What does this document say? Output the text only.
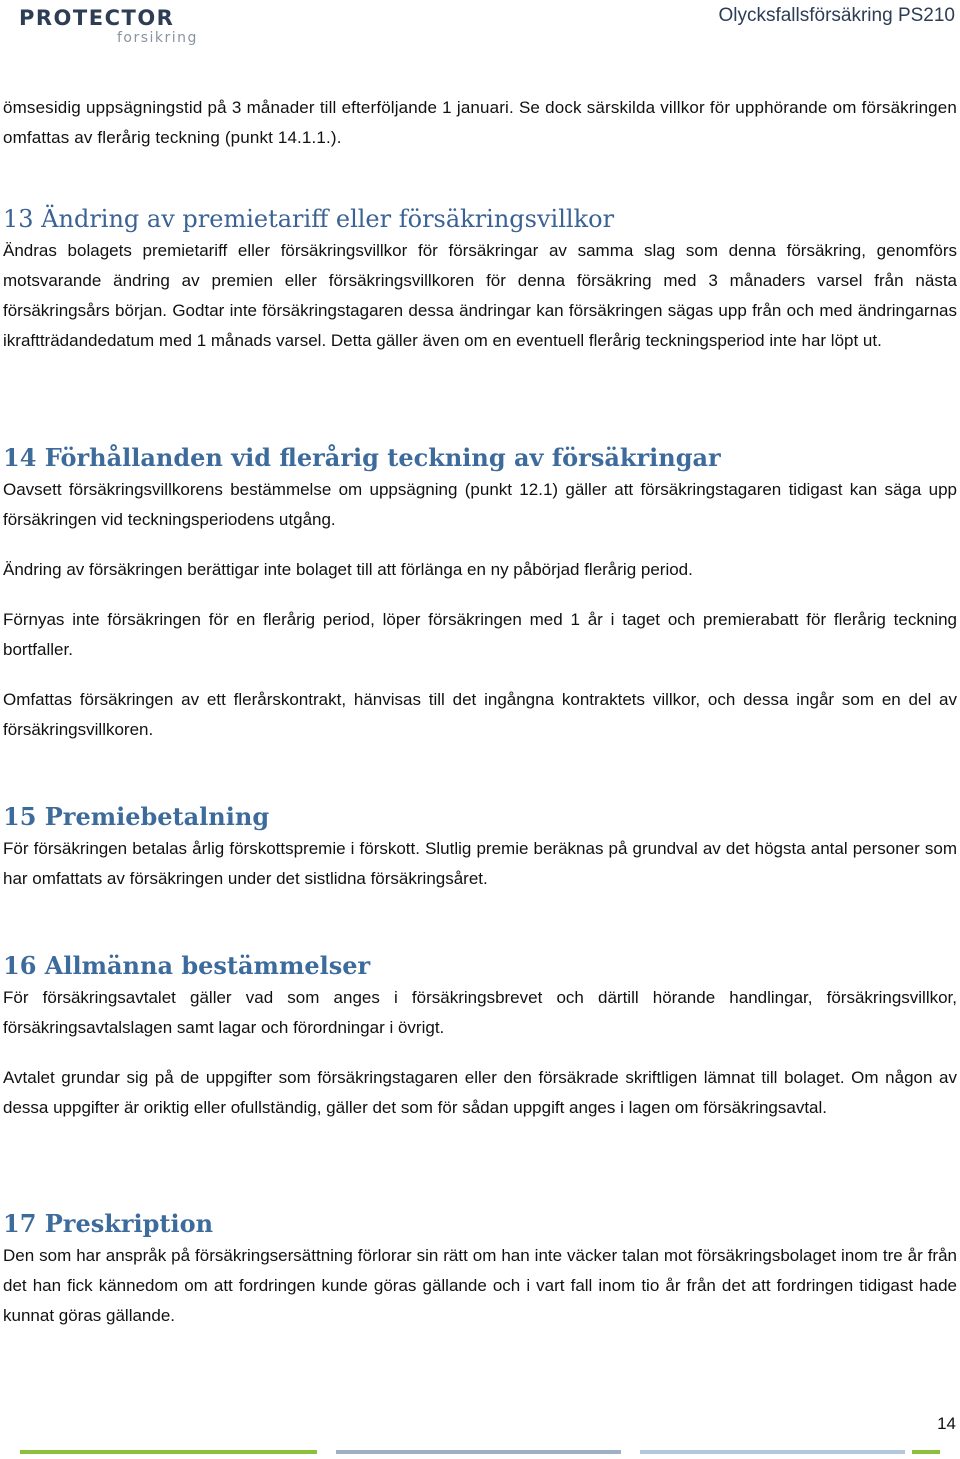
PROTECTOR
forsikring
Olycksfallsförsäkring PS210

ömsesidig uppsägningstid på 3 månader till efterföljande 1 januari. Se dock särskilda villkor för upphörande om försäkringen omfattas av flerårig teckning (punkt 14.1.1.).

13 Ändring av premietariff eller försäkringsvillkor

Ändras bolagets premietariff eller försäkringsvillkor för försäkringar av samma slag som denna försäkring, genomförs motsvarande ändring av premien eller försäkringsvillkoren för denna försäkring med 3 månaders varsel från nästa försäkringsårs början. Godtar inte försäkringstagaren dessa ändringar kan försäkringen sägas upp från och med ändringarnas ikraftträdandedatum med 1 månads varsel. Detta gäller även om en eventuell flerårig teckningsperiod inte har löpt ut.

14 Förhållanden vid flerårig teckning av försäkringar

Oavsett försäkringsvillkorens bestämmelse om uppsägning (punkt 12.1) gäller att försäkringstagaren tidigast kan säga upp försäkringen vid teckningsperiodens utgång.

Ändring av försäkringen berättigar inte bolaget till att förlänga en ny påbörjad flerårig period.

Förnyas inte försäkringen för en flerårig period, löper försäkringen med 1 år i taget och premierabatt för flerårig teckning bortfaller.

Omfattas försäkringen av ett flerårskontrakt, hänvisas till det ingångna kontraktets villkor, och dessa ingår som en del av försäkringsvillkoren.

15 Premiebetalning

För försäkringen betalas årlig förskottspremie i förskott. Slutlig premie beräknas på grundval av det högsta antal personer som har omfattats av försäkringen under det sistlidna försäkringsåret.

16 Allmänna bestämmelser

För försäkringsavtalet gäller vad som anges i försäkringsbrevet och därtill hörande handlingar, försäkringsvillkor, försäkringsavtalslagen samt lagar och förordningar i övrigt.

Avtalet grundar sig på de uppgifter som försäkringstagaren eller den försäkrade skriftligen lämnat till bolaget. Om någon av dessa uppgifter är oriktig eller ofullständig, gäller det som för sådan uppgift anges i lagen om försäkringsavtal.

17 Preskription

Den som har anspråk på försäkringsersättning förlorar sin rätt om han inte väcker talan mot försäkringsbolaget inom tre år från det han fick kännedom om att fordringen kunde göras gällande och i vart fall inom tio år från det att fordringen tidigast hade kunnat göras gällande.

14
